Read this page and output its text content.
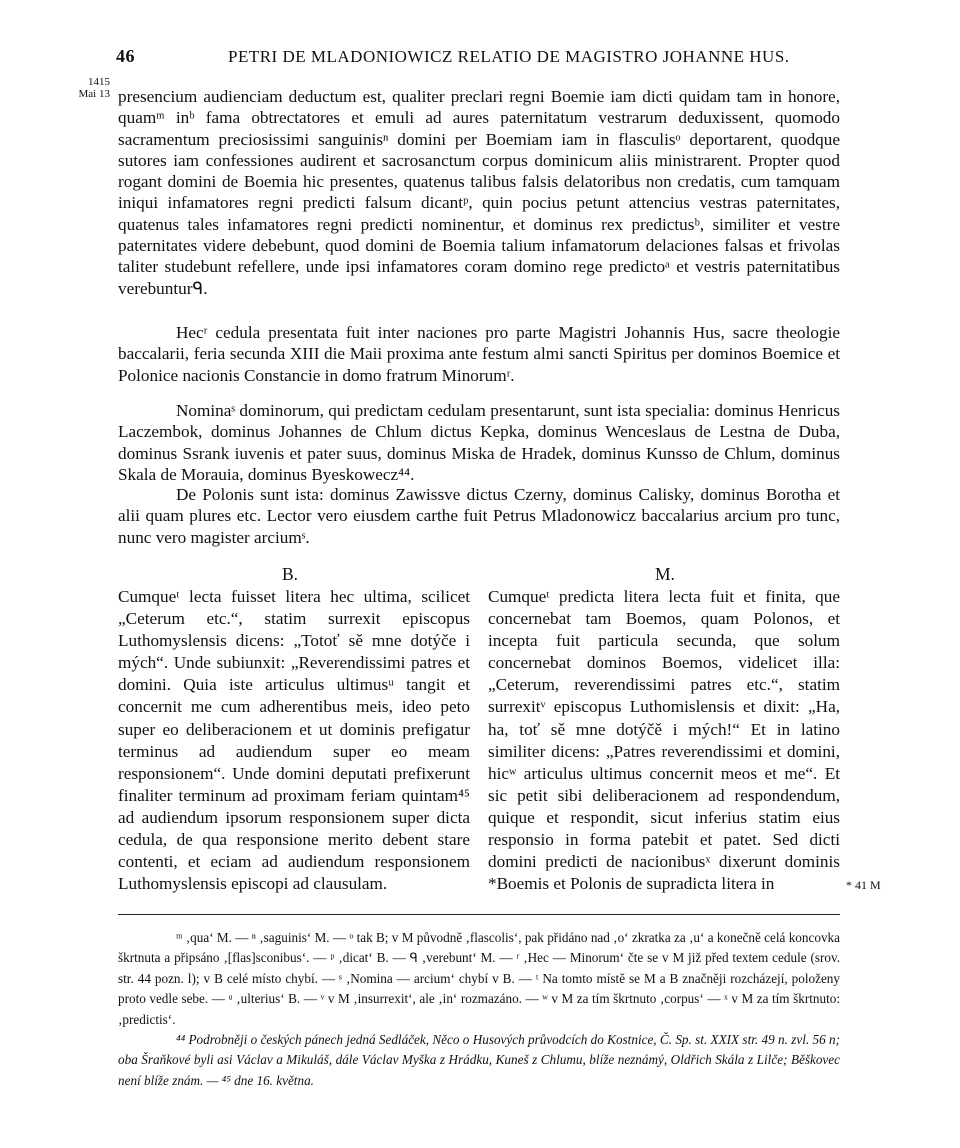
46	PETRI DE MLADONIOWICZ RELATIO DE MAGISTRO JOHANNE HUS.
1415
Mai 13 presencium audienciam deductum est, qualiter preclari regni Boemie iam dicti quidam tam in honore, quamᵐ inᵇ fama obtrectatores et emuli ad aures paternitatum vestrarum deduxissent, quomodo sacramentum preciosissimi sanguinisⁿ domini per Boemiam iam in flasculisᵒ deportarent, quodque sutores iam confessiones audirent et sacrosanctum corpus dominicum aliis ministrarent. Propter quod rogant domini de Boemia hic presentes, quatenus talibus falsis delatoribus non credatis, cum tamquam iniqui infamatores regni predicti falsum dicantᵖ, quin pocius petunt attencius vestras paternitates, quatenus tales infamatores regni predicti nominentur, et dominus rex predictusᵇ, similiter et vestre paternitates videre debebunt, quod domini de Boemia talium infamatorum delaciones falsas et frivolas taliter studebunt refellere, unde ipsi infamatores coram domino rege predictoᵃ et vestris paternitatibus verebunturᑫ.

Hecʳ cedula presentata fuit inter naciones pro parte Magistri Johannis Hus, sacre theologie baccalarii, feria secunda XIII die Maii proxima ante festum almi sancti Spiritus per dominos Boemice et Polonice nacionis Constancie in domo fratrum Minorumʳ.

Nominaˢ dominorum, qui predictam cedulam presentarunt, sunt ista specialia: dominus Henricus Laczembok, dominus Johannes de Chlum dictus Kepka, dominus Wenceslaus de Lestna de Duba, dominus Ssrank iuvenis et pater suus, dominus Miska de Hradek, dominus Kunsso de Chlum, dominus Skala de Morauia, dominus Byeskowecz⁴⁴.

De Polonis sunt ista: dominus Zawissve dictus Czerny, dominus Calisky, dominus Borotha et alii quam plures etc. Lector vero eiusdem carthe fuit Petrus Mladonowicz baccalarius arcium pro tunc, nunc vero magister arciumˢ.

B.	M.

Cumqueᵗ lecta fuisset litera hec ultima, scilicet „Ceterum etc.“, statim surrexit episcopus Luthomyslensis dicens: „Totoť sě mne dotýče i mých“. Unde subiunxit: „Reverendissimi patres et domini. Quia iste articulus ultimusᵘ tangit et concernit me cum adherentibus meis, ideo peto super eo deliberacionem et ut dominis prefigatur terminus ad audiendum super eo meam responsionem“. Unde domini deputati prefixerunt finaliter terminum ad proximam feriam quintam⁴⁵ ad audiendum ipsorum responsionem super dicta cedula, de qua responsione merito debent stare contenti, et eciam ad audiendum responsionem Luthomyslensis episcopi ad clausulam.

Cumqueᵗ predicta litera lecta fuit et finita, que concernebat tam Boemos, quam Polonos, et incepta fuit particula secunda, que solum concernebat dominos Boemos, videlicet illa: „Ceterum, reverendissimi patres etc.“, statim surrexitᵛ episcopus Luthomislensis et dixit: „Ha, ha, toť sě mne dotýčě i mých!“ Et in latino similiter dicens: „Patres reverendissimi et domini, hicʷ articulus ultimus concernit meos et me“. Et sic petit sibi deliberacionem ad respondendum, quique et respondit, sicut inferius statim eius responsio in forma patebit et patet. Sed dicti domini predicti de nacionibusˣ dixerunt dominis *Boemis et Polonis de supradicta litera in	* 41 M
ᵐ ‚qua‘ M. — ⁿ ‚saguinis‘ M. — ᵒ tak B; v M původně ‚flascolis‘, pak přidáno nad ‚o‘ zkratka za ‚u‘ a konečně celá koncovka škrtnuta a připsáno ‚[flas]sconibus‘. — ᵖ ‚dicat‘ B. — ᑫ ‚verebunt‘ M. — ʳ ‚Hec — Minorum‘ čte se v M již před textem cedule (srov. str. 44 pozn. l); v B celé místo chybí. — ˢ ‚Nomina — arcium‘ chybí v B. — ᵗ Na tomto místě se M a B značněji rozcházejí, položeny proto vedle sebe. — ᵘ ‚ulterius‘ B. — ᵛ v M ‚insurrexit‘, ale ‚in‘ rozmazáno. — ʷ v M za tím škrtnuto ‚corpus‘ — ˣ v M za tím škrtnuto: ‚predictis‘.
⁴⁴ Podrobněji o českých pánech jedná Sedláček, Něco o Husových průvodcích do Kostnice, Č. Sp. st. XXIX str. 49 n. zvl. 56 n; oba Šraňkové byli asi Václav a Mikuláš, dále Václav Myška z Hrádku, Kuneš z Chlumu, blíže neznámý, Oldřich Skála z Lilče; Běškovec není blíže znám. — ⁴⁵ dne 16. května.
